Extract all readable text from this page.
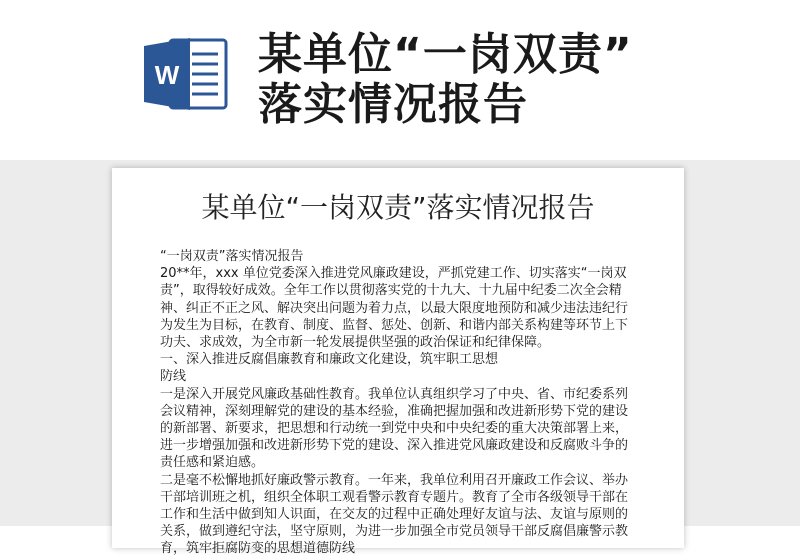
W 某单位“一岗双责”
落实情况报告
某单位“一岗双责”落实情况报告

“一岗双责”落实情况报告

20**年，xxx 单位党委深入推进党风廉政建设，严抓党建工作、切实落实“一岗双责”，取得较好成效。全年工作以贯彻落实党的十九大、十九届中纪委二次全会精神、纠正不正之风、解决突出问题为着力点，以最大限度地预防和减少违法违纪行为发生为目标，在教育、制度、监督、惩处、创新、和谐内部关系构建等环节上下功夫、求成效，为全市新一轮发展提供坚强的政治保证和纪律保障。

一、深入推进反腐倡廉教育和廉政文化建设，筑牢职工思想

防线

一是深入开展党风廉政基础性教育。我单位认真组织学习了中央、省、市纪委系列会议精神，深刻理解党的建设的基本经验，准确把握加强和改进新形势下党的建设的新部署、新要求，把思想和行动统一到党中央和中央纪委的重大决策部署上来，进一步增强加强和改进新形势下党的建设、深入推进党风廉政建设和反腐败斗争的责任感和紧迫感。

二是毫不松懈地抓好廉政警示教育。一年来，我单位利用召开廉政工作会议、举办干部培训班之机，组织全体职工观看警示教育专题片。教育了全市各级领导干部在工作和生活中做到知人识面，在交友的过程中正确处理好友谊与法、友谊与原则的关系，做到遵纪守法，坚守原则，为进一步加强全市党员领导干部反腐倡廉警示教育，筑牢拒腐防变的思想道德防线
